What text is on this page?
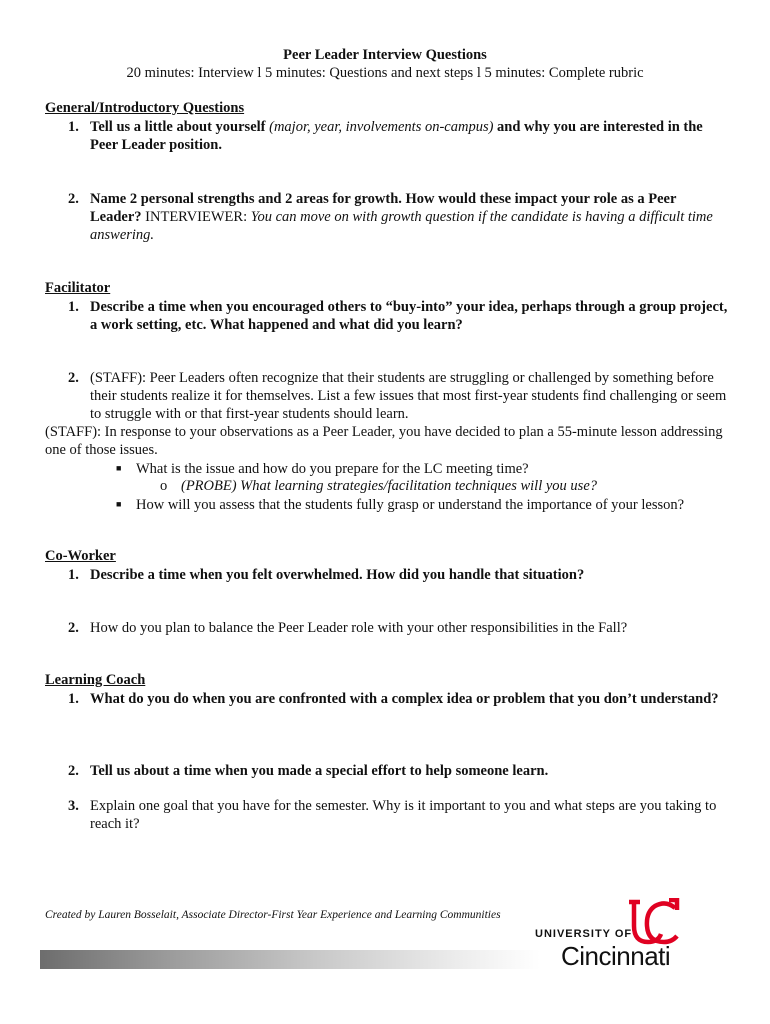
Peer Leader Interview Questions
20 minutes: Interview l 5 minutes: Questions and next steps l 5 minutes: Complete rubric
General/Introductory Questions
1. Tell us a little about yourself (major, year, involvements on-campus) and why you are interested in the Peer Leader position.
2. Name 2 personal strengths and 2 areas for growth. How would these impact your role as a Peer Leader? INTERVIEWER: You can move on with growth question if the candidate is having a difficult time answering.
Facilitator
1. Describe a time when you encouraged others to “buy-into” your idea, perhaps through a group project, a work setting, etc. What happened and what did you learn?
2. (STAFF): Peer Leaders often recognize that their students are struggling or challenged by something before their students realize it for themselves. List a few issues that most first-year students find challenging or seem to struggle with or that first-year students should learn.
(STAFF): In response to your observations as a Peer Leader, you have decided to plan a 55-minute lesson addressing one of those issues.
■ What is the issue and how do you prepare for the LC meeting time?
o (PROBE) What learning strategies/facilitation techniques will you use?
■ How will you assess that the students fully grasp or understand the importance of your lesson?
Co-Worker
1. Describe a time when you felt overwhelmed. How did you handle that situation?
2. How do you plan to balance the Peer Leader role with your other responsibilities in the Fall?
Learning Coach
1. What do you do when you are confronted with a complex idea or problem that you don’t understand?
2. Tell us about a time when you made a special effort to help someone learn.
3. Explain one goal that you have for the semester. Why is it important to you and what steps are you taking to reach it?
Created by Lauren Bosselait, Associate Director-First Year Experience and Learning Communities
UNIVERSITY OF
Cincinnati
